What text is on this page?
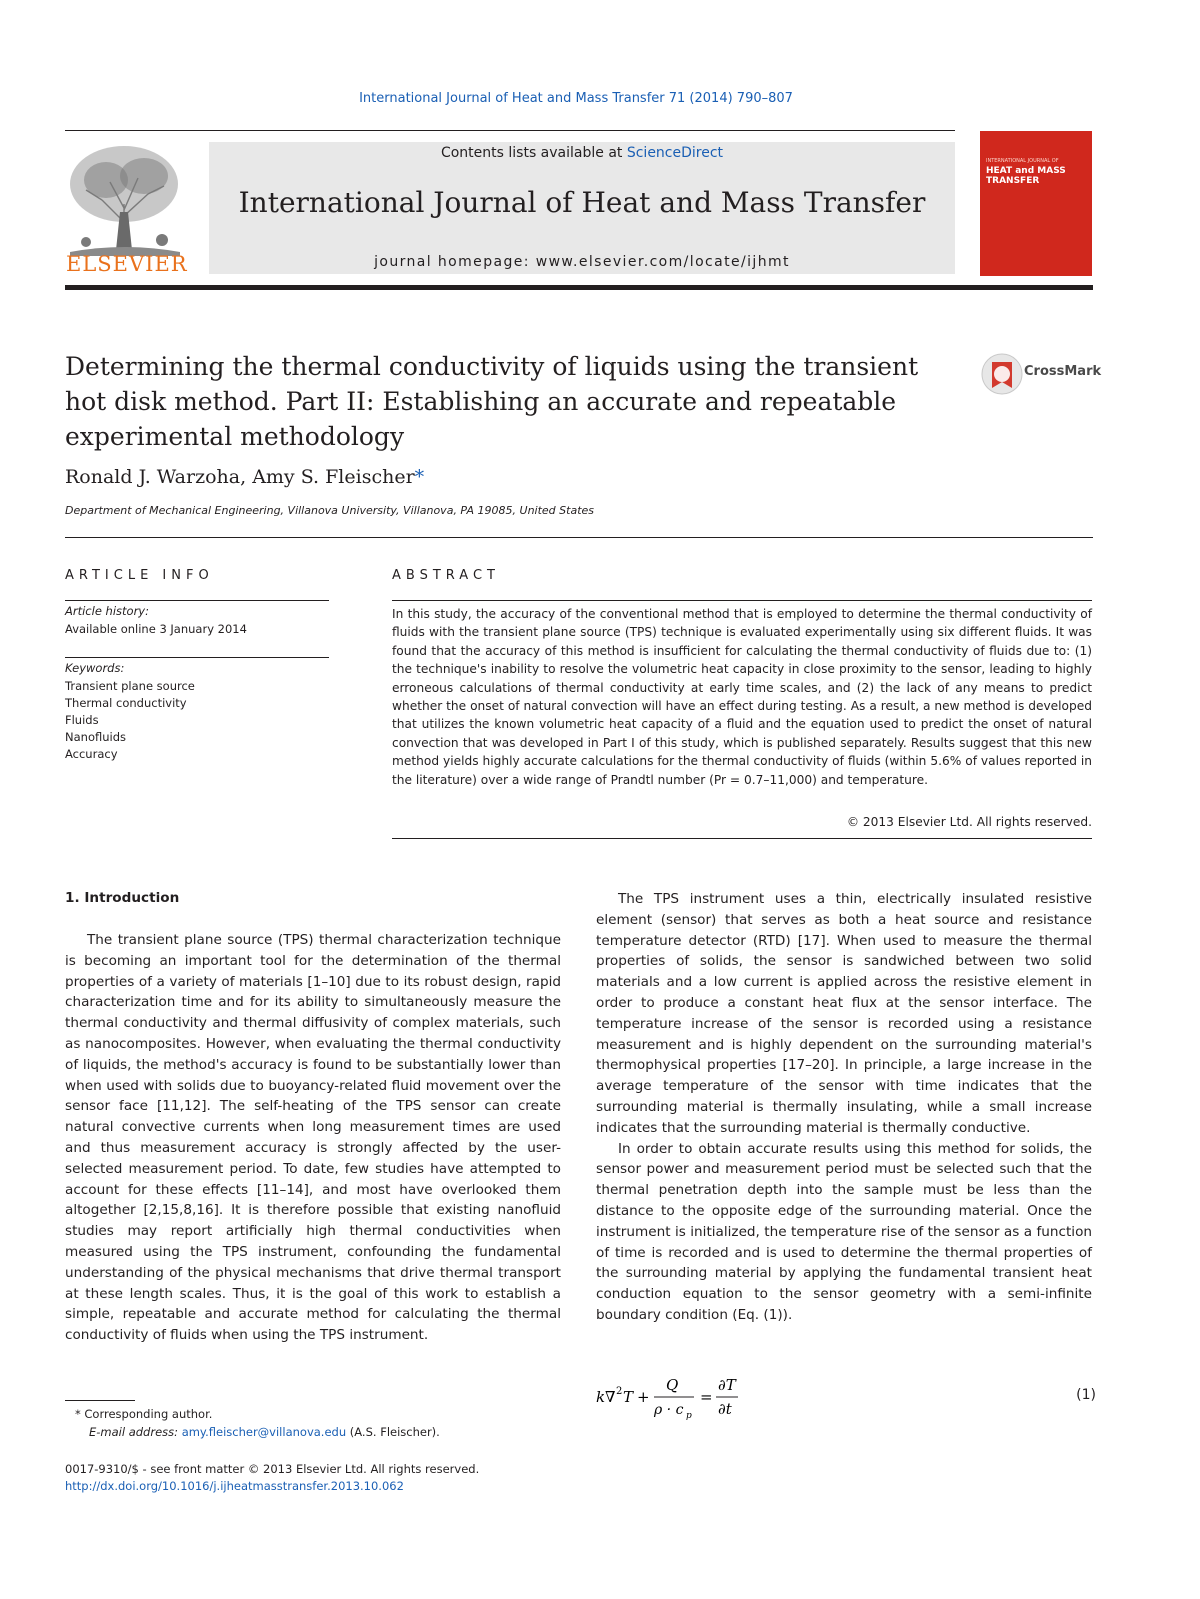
International Journal of Heat and Mass Transfer 71 (2014) 790–807
ELSEVIER
Contents lists available at ScienceDirect
International Journal of Heat and Mass Transfer
journal homepage: www.elsevier.com/locate/ijhmt
INTERNATIONAL JOURNAL OF
HEAT and MASS TRANSFER
Determining the thermal conductivity of liquids using the transient
hot disk method. Part II: Establishing an accurate and repeatable
experimental methodology
CrossMark
Ronald J. Warzoha, Amy S. Fleischer*
Department of Mechanical Engineering, Villanova University, Villanova, PA 19085, United States
ARTICLE INFO
Article history:
Available online 3 January 2014
Keywords:
Transient plane source
Thermal conductivity
Fluids
Nanofluids
Accuracy
ABSTRACT
In this study, the accuracy of the conventional method that is employed to determine the thermal conductivity of fluids with the transient plane source (TPS) technique is evaluated experimentally using six different fluids. It was found that the accuracy of this method is insufficient for calculating the thermal conductivity of fluids due to: (1) the technique's inability to resolve the volumetric heat capacity in close proximity to the sensor, leading to highly erroneous calculations of thermal conductivity at early time scales, and (2) the lack of any means to predict whether the onset of natural convection will have an effect during testing. As a result, a new method is developed that utilizes the known volumetric heat capacity of a fluid and the equation used to predict the onset of natural convection that was developed in Part I of this study, which is published separately. Results suggest that this new method yields highly accurate calculations for the thermal conductivity of fluids (within 5.6% of values reported in the literature) over a wide range of Prandtl number (Pr = 0.7–11,000) and temperature.
© 2013 Elsevier Ltd. All rights reserved.
1. Introduction

The transient plane source (TPS) thermal characterization technique is becoming an important tool for the determination of the thermal properties of a variety of materials [1–10] due to its robust design, rapid characterization time and for its ability to simultaneously measure the thermal conductivity and thermal diffusivity of complex materials, such as nanocomposites. However, when evaluating the thermal conductivity of liquids, the method's accuracy is found to be substantially lower than when used with solids due to buoyancy-related fluid movement over the sensor face [11,12]. The self-heating of the TPS sensor can create natural convective currents when long measurement times are used and thus measurement accuracy is strongly affected by the user-selected measurement period. To date, few studies have attempted to account for these effects [11–14], and most have overlooked them altogether [2,15,8,16]. It is therefore possible that existing nanofluid studies may report artificially high thermal conductivities when measured using the TPS instrument, confounding the fundamental understanding of the physical mechanisms that drive thermal transport at these length scales. Thus, it is the goal of this work to establish a simple, repeatable and accurate method for calculating the thermal conductivity of fluids when using the TPS instrument.

The TPS instrument uses a thin, electrically insulated resistive element (sensor) that serves as both a heat source and resistance temperature detector (RTD) [17]. When used to measure the thermal properties of solids, the sensor is sandwiched between two solid materials and a low current is applied across the resistive element in order to produce a constant heat flux at the sensor interface. The temperature increase of the sensor is recorded using a resistance measurement and is highly dependent on the surrounding material's thermophysical properties [17–20]. In principle, a large increase in the average temperature of the sensor with time indicates that the surrounding material is thermally insulating, while a small increase indicates that the surrounding material is thermally conductive.

In order to obtain accurate results using this method for solids, the sensor power and measurement period must be selected such that the thermal penetration depth into the sample must be less than the distance to the opposite edge of the surrounding material. Once the instrument is initialized, the temperature rise of the sensor as a function of time is recorded and is used to determine the thermal properties of the surrounding material by applying the fundamental transient heat conduction equation to the sensor geometry with a semi-infinite boundary condition (Eq. (1)).

k ∇ 2 T +
Q
ρ · c p
=
∂T
∂t
(1)
* Corresponding author.
E-mail address: amy.fleischer@villanova.edu (A.S. Fleischer).
0017-9310/$ - see front matter © 2013 Elsevier Ltd. All rights reserved.
http://dx.doi.org/10.1016/j.ijheatmasstransfer.2013.10.062
